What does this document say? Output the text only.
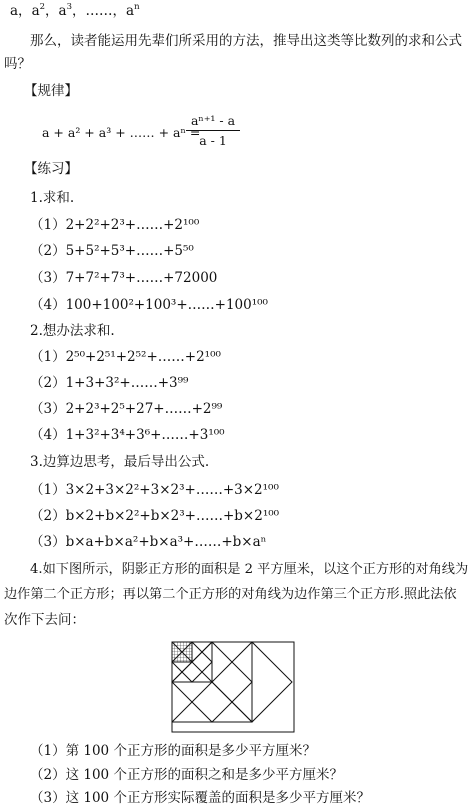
a，$a^2$，$a^3$，……，$a^n$
那么，读者能运用先辈们所采用的方法，推导出这类等比数列的求和公式
吗？
【规律】
a + a² + a³ + …… + aⁿ =
aⁿ⁺¹ - a
a - 1
【练习】
1.求和.
（1）2+2²+2³+……+2¹⁰⁰
（2）5+5²+5³+……+5⁵⁰
（3）7+7²+7³+……+72000
（4）100+100²+100³+……+100¹⁰⁰
2.想办法求和.
（1）2⁵⁰+2⁵¹+2⁵²+……+2¹⁰⁰
（2）1+3+3²+……+3⁹⁹
（3）2+2³+2⁵+27+……+2⁹⁹
（4）1+3²+3⁴+3⁶+……+3¹⁰⁰
3.边算边思考，最后导出公式.
（1）3×2+3×2²+3×2³+……+3×2¹⁰⁰
（2）b×2+b×2²+b×2³+……+b×2¹⁰⁰
（3）b×a+b×a²+b×a³+……+b×aⁿ
4.如下图所示，阴影正方形的面积是 2 平方厘米，以这个正方形的对角线为
边作第二个正方形；再以第二个正方形的对角线为边作第三个正方形.照此法依
次作下去问：
（1）第 100 个正方形的面积是多少平方厘米？
（2）这 100 个正方形的面积之和是多少平方厘米？
（3）这 100 个正方形实际覆盖的面积是多少平方厘米？
